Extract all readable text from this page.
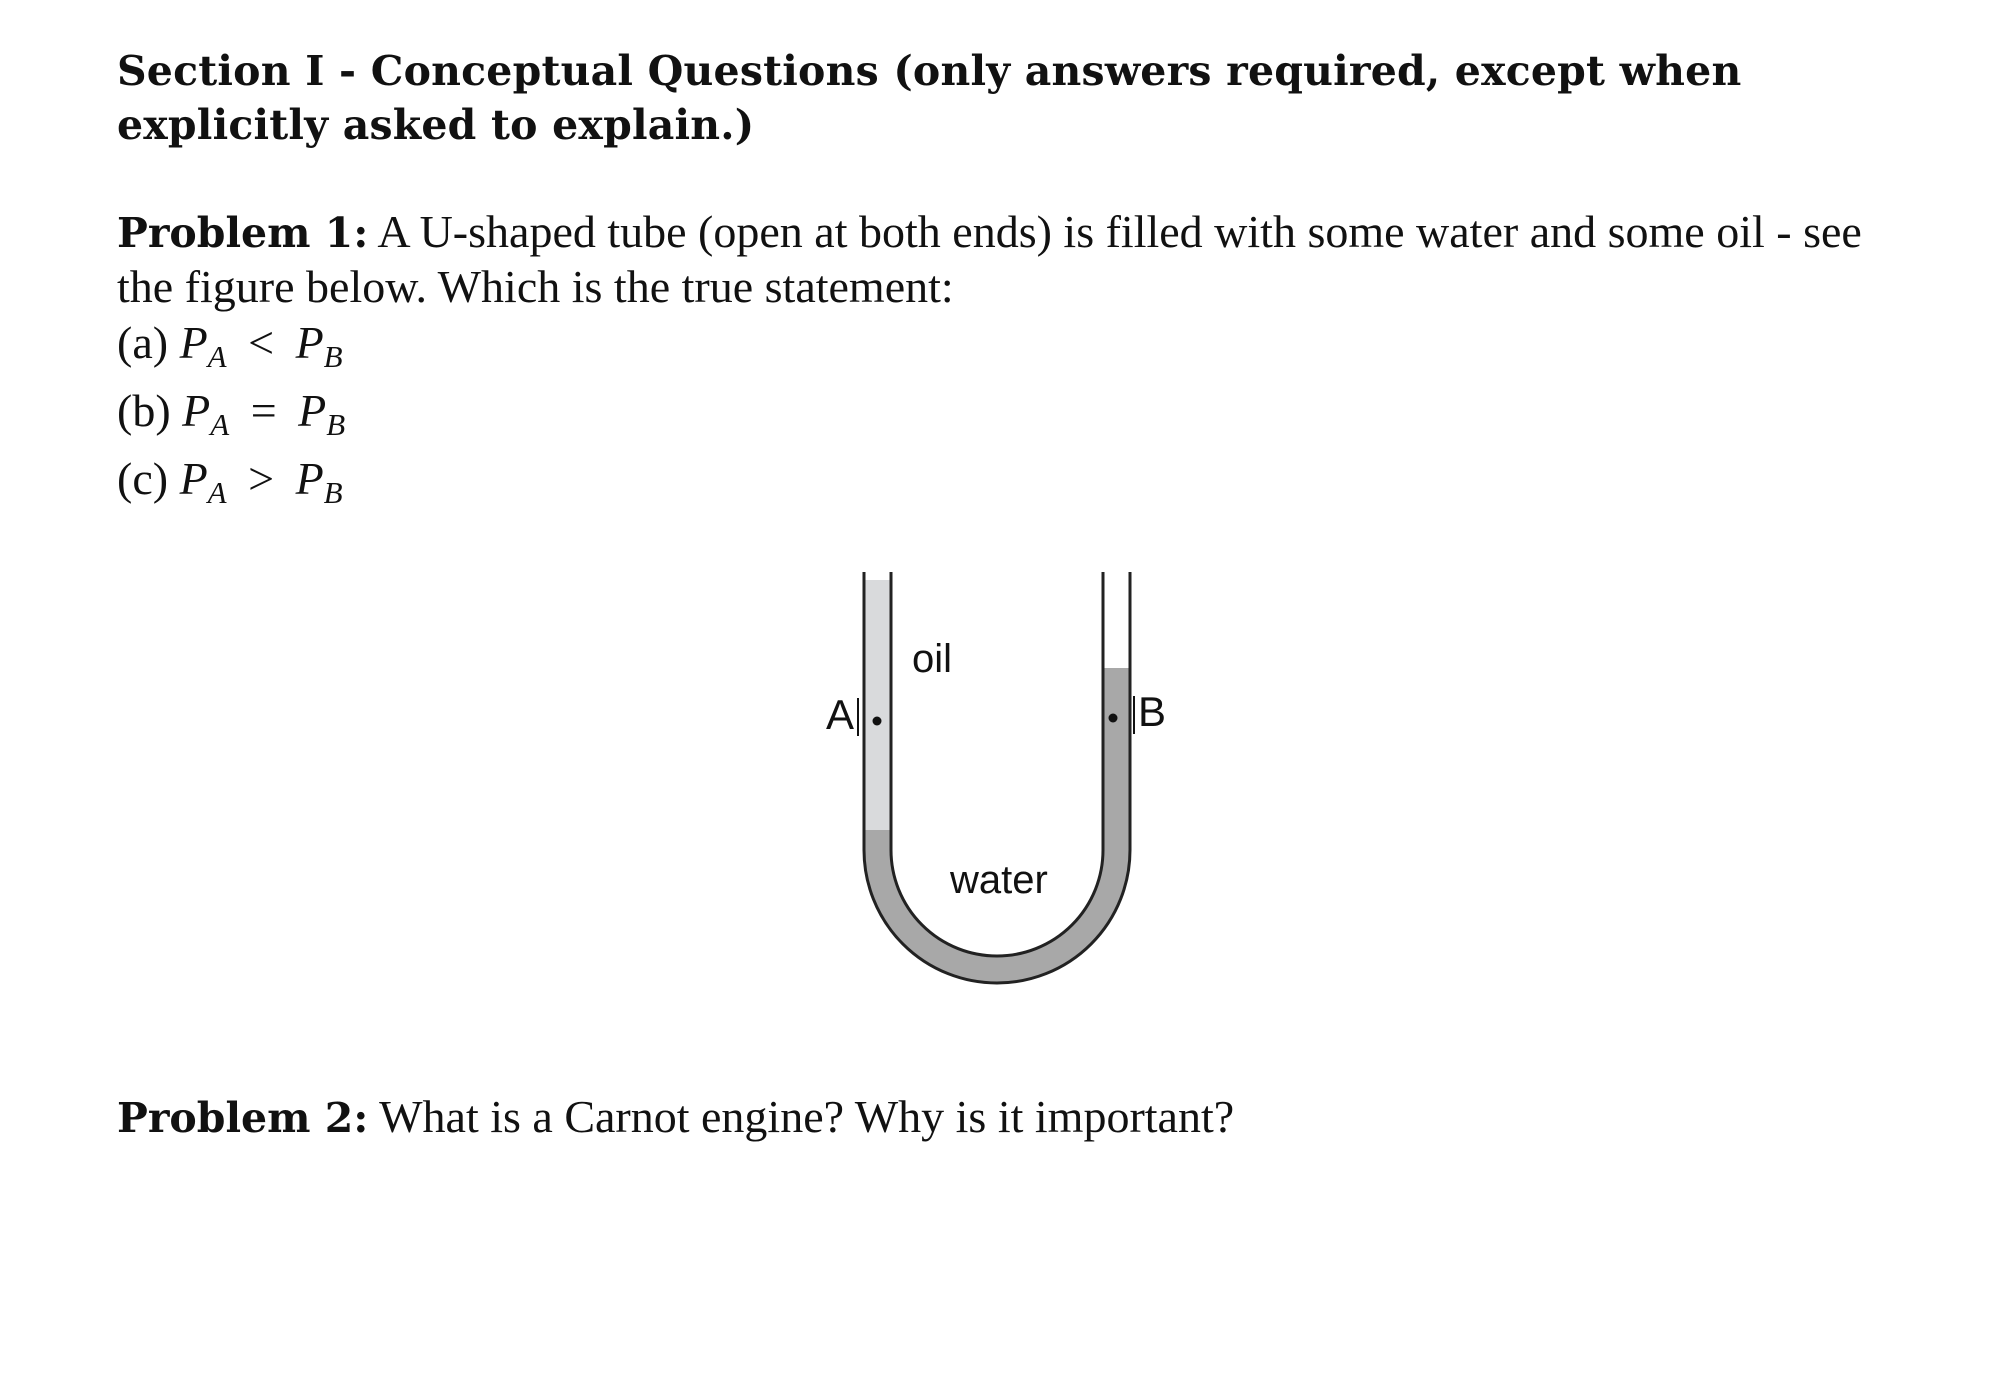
Section I - Conceptual Questions (only answers required, except when explicitly asked to explain.)
Problem 1: A U-shaped tube (open at both ends) is filled with some water and some oil - see the figure below. Which is the true statement:
(a) $P_A < P_B$
(b) $P_A = P_B$
(c) $P_A > P_B$
oil
water
A	B
Problem 2: What is a Carnot engine? Why is it important?
